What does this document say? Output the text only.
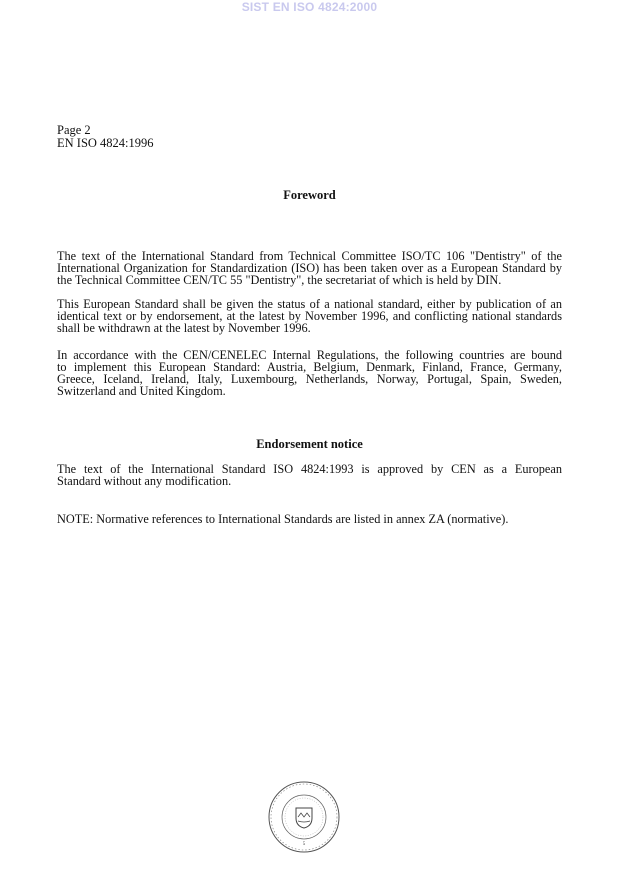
SIST EN ISO 4824:2000
Page 2
EN ISO 4824:1996
Foreword
The text of the International Standard from Technical Committee ISO/TC 106 "Dentistry" of the
International Organization for Standardization (ISO) has been taken over as a European Standard by
the Technical Committee CEN/TC 55 "Dentistry", the secretariat of which is held by DIN.
This European Standard shall be given the status of a national standard, either by publication of an
identical text or by endorsement, at the latest by November 1996, and conflicting national standards
shall be withdrawn at the latest by November 1996.
In accordance with the CEN/CENELEC Internal Regulations, the following countries are bound
to implement this European Standard: Austria, Belgium, Denmark, Finland, France, Germany,
Greece, Iceland, Ireland, Italy, Luxembourg, Netherlands, Norway, Portugal, Spain, Sweden,
Switzerland and United Kingdom.
Endorsement notice
The text of the International Standard ISO 4824:1993 is approved by CEN as a European
Standard without any modification.
NOTE: Normative references to International Standards are listed in annex ZA (normative).
5
